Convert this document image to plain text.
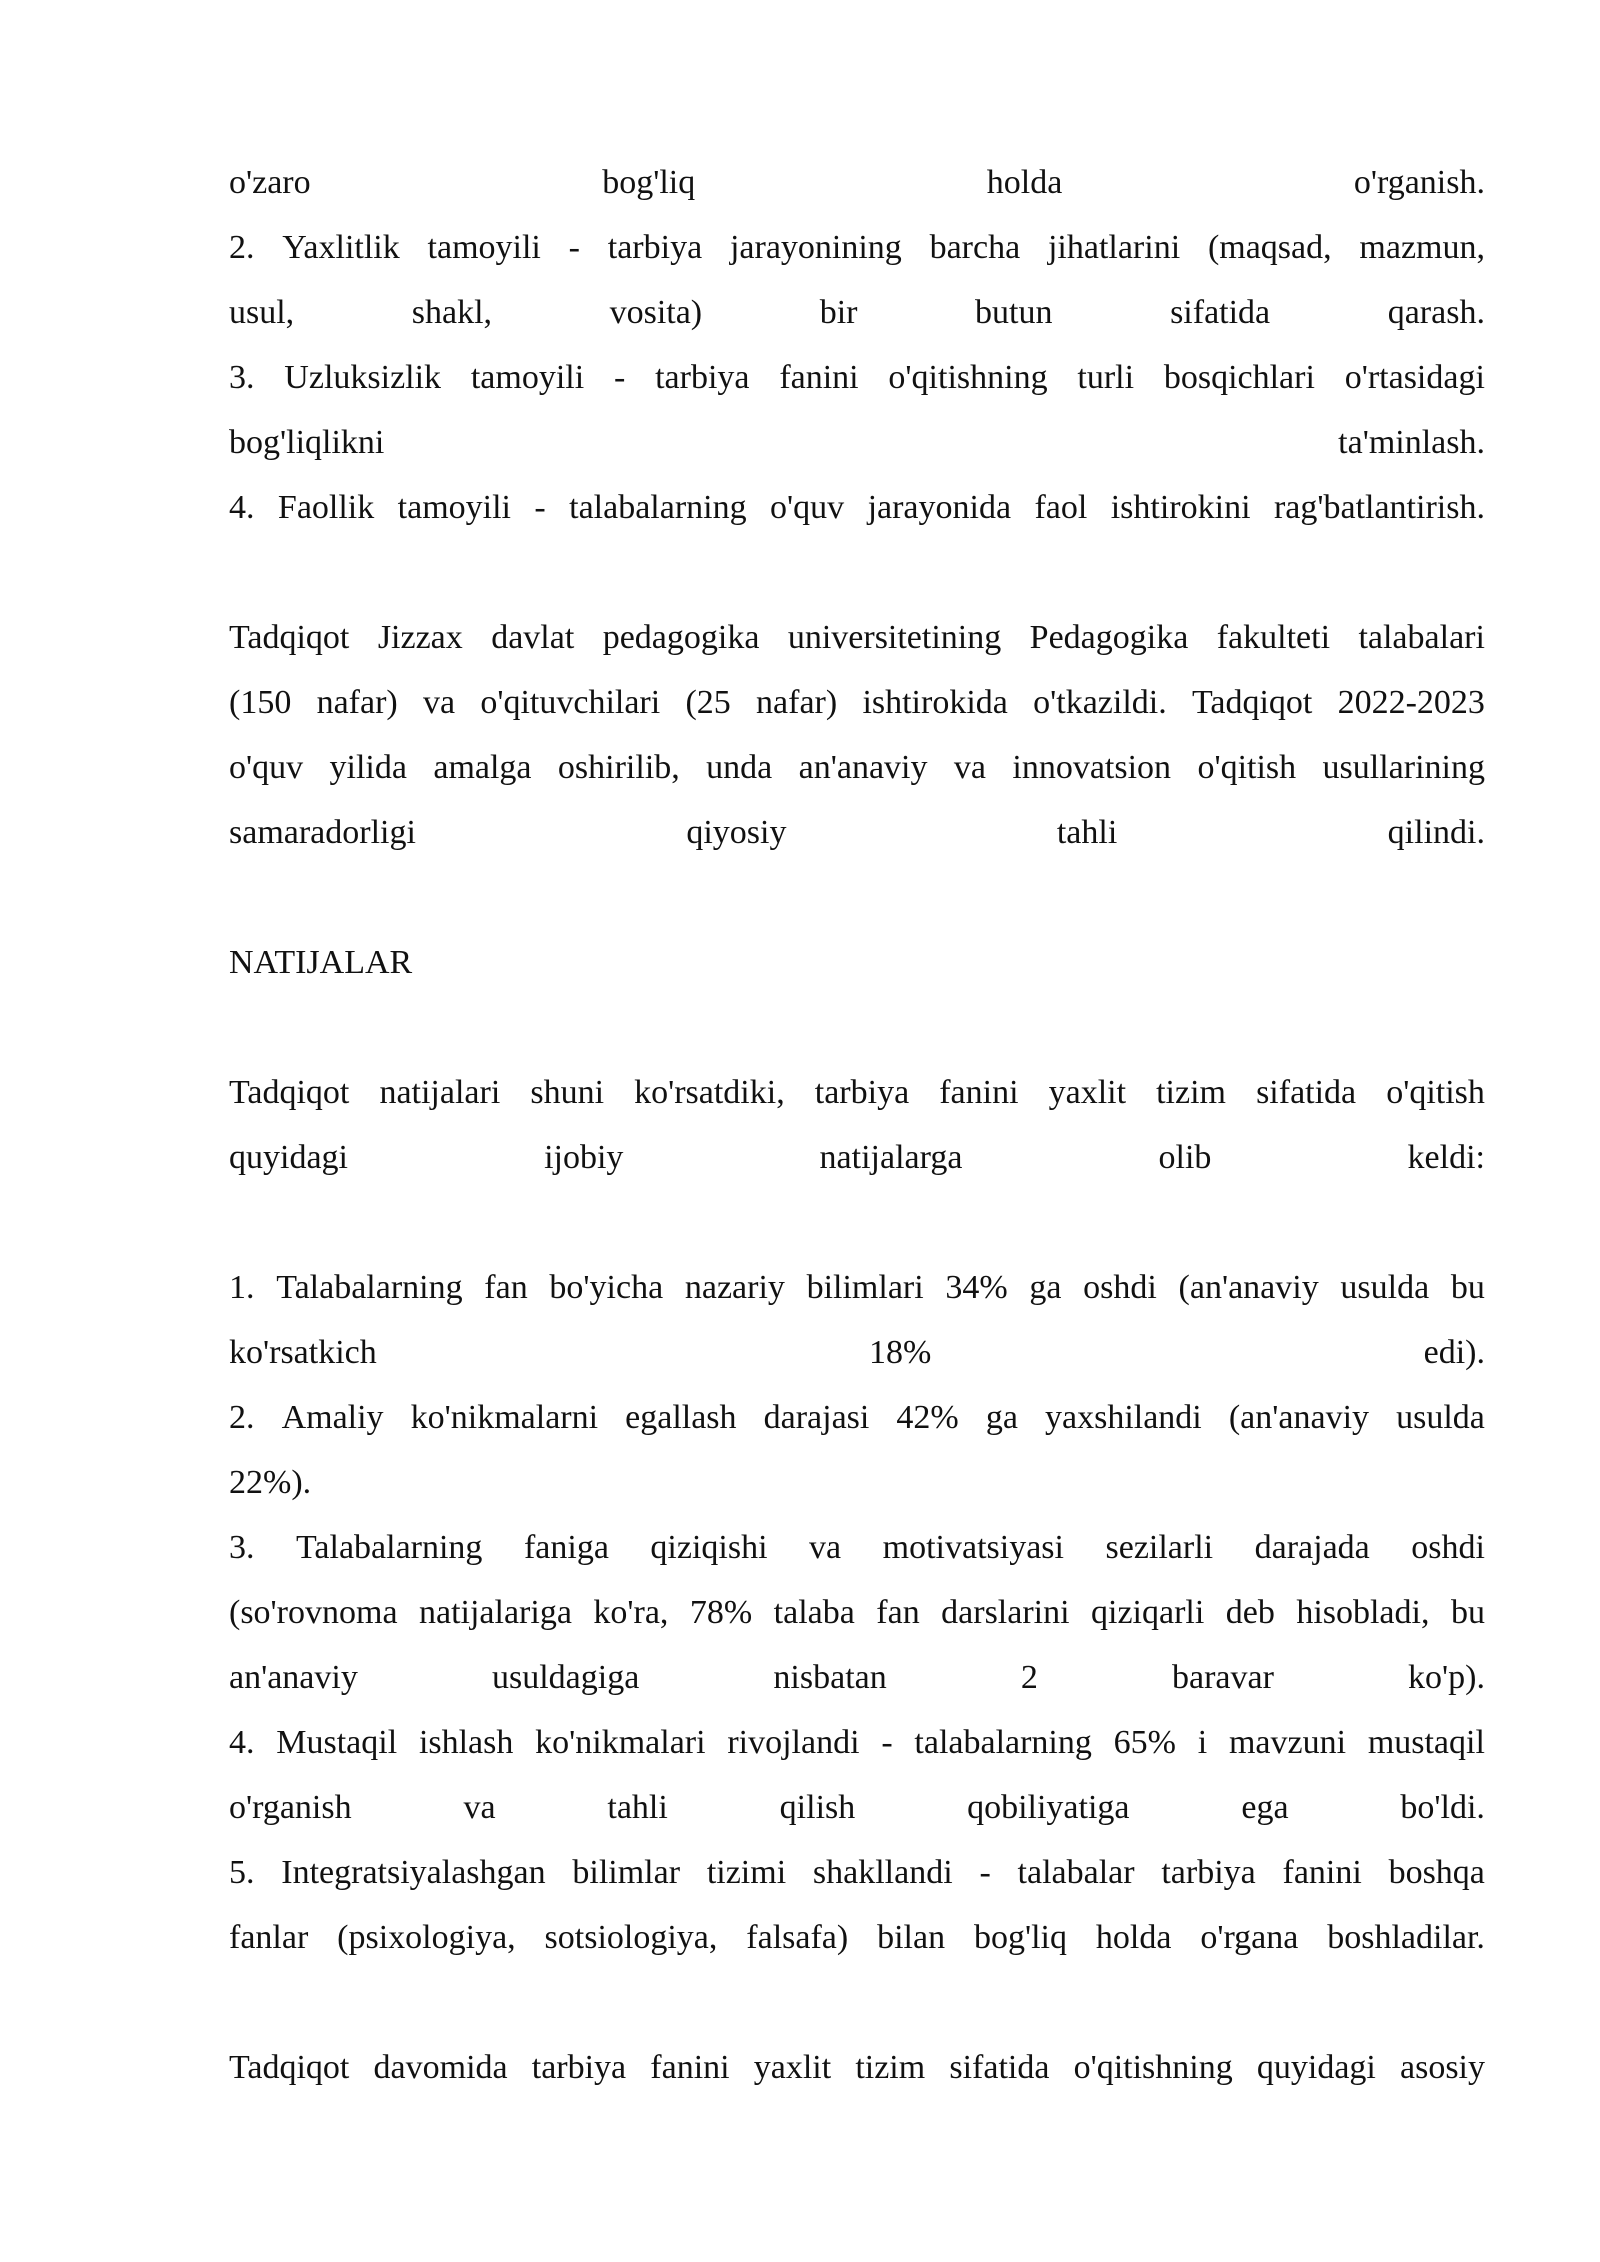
o'zaro	bog'liq	holda	o'rganish.
2. Yaxlitlik tamoyili - tarbiya jarayonining barcha jihatlarini (maqsad, mazmun,
usul,	shakl,	vosita)	bir	butun	sifatida	qarash.
3. Uzluksizlik tamoyili - tarbiya fanini o'qitishning turli bosqichlari o'rtasidagi
bog'liqlikni	ta'minlash.
4. Faollik tamoyili - talabalarning o'quv jarayonida faol ishtirokini rag'batlantirish.
Tadqiqot Jizzax davlat pedagogika universitetining Pedagogika fakulteti talabalari
(150 nafar) va o'qituvchilari (25 nafar) ishtirokida o'tkazildi. Tadqiqot 2022-2023
o'quv yilida amalga oshirilib, unda an'anaviy va innovatsion o'qitish usullarining
samaradorligi	qiyosiy	tahli	qilindi.
NATIJALAR
Tadqiqot natijalari shuni ko'rsatdiki, tarbiya fanini yaxlit tizim sifatida o'qitish
quyidagi	ijobiy	natijalarga	olib	keldi:
1. Talabalarning fan bo'yicha nazariy bilimlari 34% ga oshdi (an'anaviy usulda bu
ko'rsatkich	18%	edi).
2. Amaliy ko'nikmalarni egallash darajasi 42% ga yaxshilandi (an'anaviy usulda
22%).
3. Talabalarning faniga qiziqishi va motivatsiyasi sezilarli darajada oshdi
(so'rovnoma natijalariga ko'ra, 78% talaba fan darslarini qiziqarli deb hisobladi, bu
an'anaviy	usuldagiga	nisbatan	2	baravar	ko'p).
4. Mustaqil ishlash ko'nikmalari rivojlandi - talabalarning 65% i mavzuni mustaqil
o'rganish	va	tahli	qilish	qobiliyatiga	ega	bo'ldi.
5. Integratsiyalashgan bilimlar tizimi shakllandi - talabalar tarbiya fanini boshqa
fanlar (psixologiya, sotsiologiya, falsafa) bilan bog'liq holda o'rgana boshladilar.
Tadqiqot davomida tarbiya fanini yaxlit tizim sifatida o'qitishning quyidagi asosiy
